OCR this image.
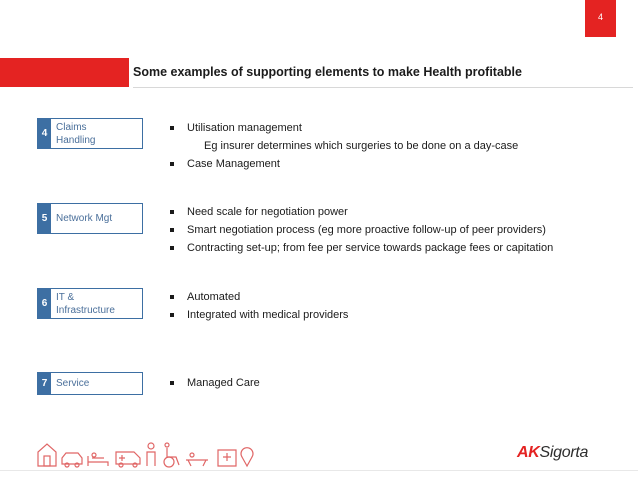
4
Some examples of supporting elements to make Health profitable
4
Claims
Handling
Utilisation management
Eg insurer determines which surgeries to be done on a day-case
Case Management
5 Network Mgt
Need scale for negotiation power
Smart negotiation process (eg more proactive follow-up of peer providers)
Contracting set-up; from fee per service towards package fees or capitation
6
IT &
Infrastructure
Automated
Integrated with medical providers
7 Service	Managed Care
AKSigorta
